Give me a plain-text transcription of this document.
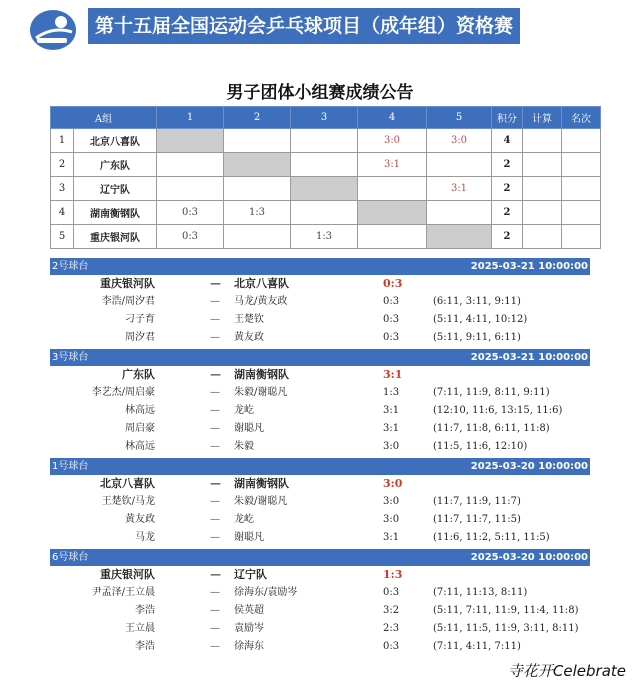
第十五届全国运动会乒乓球项目（成年组）资格赛
男子团体小组赛成绩公告
A组		1	2	3	4	5	积分	计算	名次
1	北京八喜队				3:0	3:0	4		
2	广东队				3:1		2		
3	辽宁队					3:1	2		
4	湖南衡钢队	0:3	1:3				2		
5	重庆银河队	0:3		1:3			2		
2号球台	2025-03-21 10:00:00
重庆银河队	— 北京八喜队	0:3
李浩/周汐君	— 马龙/黄友政	0:3	(6:11, 3:11, 9:11)
刁子育	— 王楚钦	0:3	(5:11, 4:11, 10:12)
周汐君	— 黄友政	0:3	(5:11, 9:11, 6:11)
3号球台	2025-03-21 10:00:00
广东队	— 湖南衡钢队	3:1
李艺杰/周启豪	— 朱毅/谢聪凡	1:3	(7:11, 11:9, 8:11, 9:11)
林高远	— 龙屹	3:1	(12:10, 11:6, 13:15, 11:6)
周启豪	— 谢聪凡	3:1	(11:7, 11:8, 6:11, 11:8)
林高远	— 朱毅	3:0	(11:5, 11:6, 12:10)
1号球台	2025-03-20 10:00:00
北京八喜队	— 湖南衡钢队	3:0
王楚钦/马龙	— 朱毅/谢聪凡	3:0	(11:7, 11:9, 11:7)
黄友政	— 龙屹	3:0	(11:7, 11:7, 11:5)
马龙	— 谢聪凡	3:1	(11:6, 11:2, 5:11, 11:5)
6号球台	2025-03-20 10:00:00
重庆银河队	— 辽宁队	1:3
尹孟泽/王立晨	— 徐海东/袁励岑	0:3	(7:11, 11:13, 8:11)
李浩	— 侯英超	3:2	(5:11, 7:11, 11:9, 11:4, 11:8)
王立晨	— 袁励岑	2:3	(5:11, 11:5, 11:9, 3:11, 8:11)
李浩	— 徐海东	0:3	(7:11, 4:11, 7:11)
寺花开Celebrate
